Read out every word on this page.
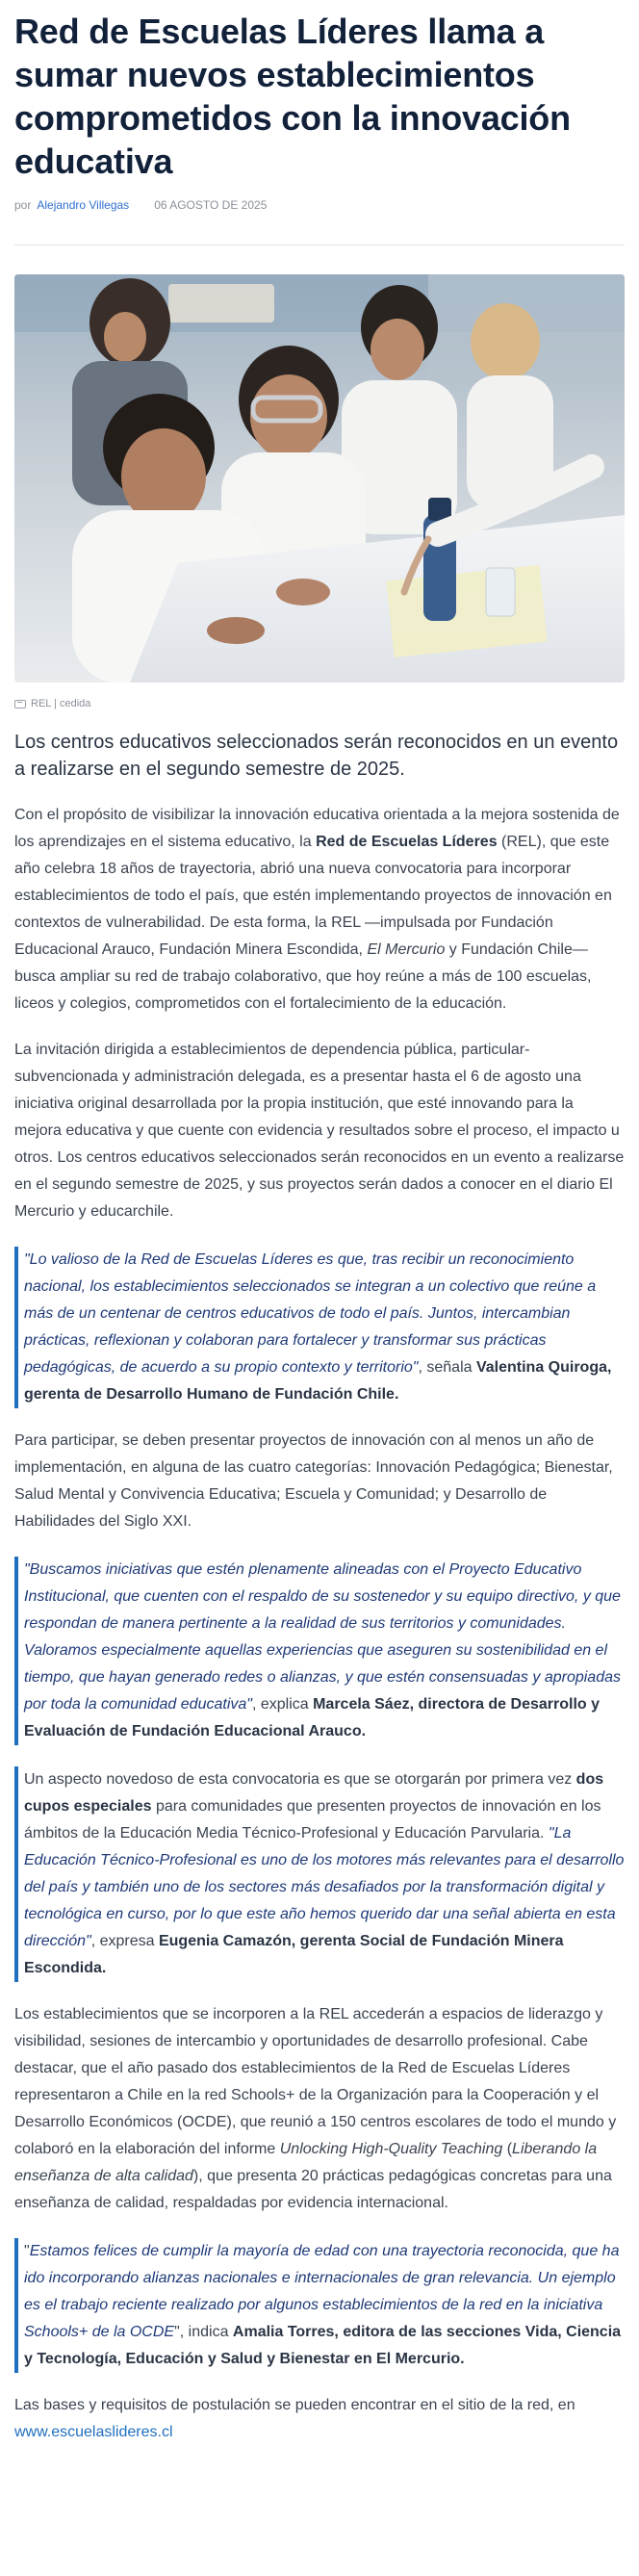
Red de Escuelas Líderes llama a sumar nuevos establecimientos comprometidos con la innovación educativa
por Alejandro Villegas 06 AGOSTO DE 2025
REL | cedida

Los centros educativos seleccionados serán reconocidos en un evento a realizarse en el segundo semestre de 2025.

Con el propósito de visibilizar la innovación educativa orientada a la mejora sostenida de los aprendizajes en el sistema educativo, la Red de Escuelas Líderes (REL), que este año celebra 18 años de trayectoria, abrió una nueva convocatoria para incorporar establecimientos de todo el país, que estén implementando proyectos de innovación en contextos de vulnerabilidad. De esta forma, la REL —impulsada por Fundación Educacional Arauco, Fundación Minera Escondida, El Mercurio y Fundación Chile— busca ampliar su red de trabajo colaborativo, que hoy reúne a más de 100 escuelas, liceos y colegios, comprometidos con el fortalecimiento de la educación.

La invitación dirigida a establecimientos de dependencia pública, particular-subvencionada y administración delegada, es a presentar hasta el 6 de agosto una iniciativa original desarrollada por la propia institución, que esté innovando para la mejora educativa y que cuente con evidencia y resultados sobre el proceso, el impacto u otros. Los centros educativos seleccionados serán reconocidos en un evento a realizarse en el segundo semestre de 2025, y sus proyectos serán dados a conocer en el diario El Mercurio y educarchile.

"Lo valioso de la Red de Escuelas Líderes es que, tras recibir un reconocimiento nacional, los establecimientos seleccionados se integran a un colectivo que reúne a más de un centenar de centros educativos de todo el país. Juntos, intercambian prácticas, reflexionan y colaboran para fortalecer y transformar sus prácticas pedagógicas, de acuerdo a su propio contexto y territorio", señala Valentina Quiroga, gerenta de Desarrollo Humano de Fundación Chile.

Para participar, se deben presentar proyectos de innovación con al menos un año de implementación, en alguna de las cuatro categorías: Innovación Pedagógica; Bienestar, Salud Mental y Convivencia Educativa; Escuela y Comunidad; y Desarrollo de Habilidades del Siglo XXI.

"Buscamos iniciativas que estén plenamente alineadas con el Proyecto Educativo Institucional, que cuenten con el respaldo de su sostenedor y su equipo directivo, y que respondan de manera pertinente a la realidad de sus territorios y comunidades. Valoramos especialmente aquellas experiencias que aseguren su sostenibilidad en el tiempo, que hayan generado redes o alianzas, y que estén consensuadas y apropiadas por toda la comunidad educativa", explica Marcela Sáez, directora de Desarrollo y Evaluación de Fundación Educacional Arauco.
Un aspecto novedoso de esta convocatoria es que se otorgarán por primera vez dos cupos especiales para comunidades que presenten proyectos de innovación en los ámbitos de la Educación Media Técnico-Profesional y Educación Parvularia. "La Educación Técnico-Profesional es uno de los motores más relevantes para el desarrollo del país y también uno de los sectores más desafiados por la transformación digital y tecnológica en curso, por lo que este año hemos querido dar una señal abierta en esta dirección", expresa Eugenia Camazón, gerenta Social de Fundación Minera Escondida.

Los establecimientos que se incorporen a la REL accederán a espacios de liderazgo y visibilidad, sesiones de intercambio y oportunidades de desarrollo profesional. Cabe destacar, que el año pasado dos establecimientos de la Red de Escuelas Líderes representaron a Chile en la red Schools+ de la Organización para la Cooperación y el Desarrollo Económicos (OCDE), que reunió a 150 centros escolares de todo el mundo y colaboró en la elaboración del informe Unlocking High-Quality Teaching (Liberando la enseñanza de alta calidad), que presenta 20 prácticas pedagógicas concretas para una enseñanza de calidad, respaldadas por evidencia internacional.

"Estamos felices de cumplir la mayoría de edad con una trayectoria reconocida, que ha ido incorporando alianzas nacionales e internacionales de gran relevancia. Un ejemplo es el trabajo reciente realizado por algunos establecimientos de la red en la iniciativa Schools+ de la OCDE", indica Amalia Torres, editora de las secciones Vida, Ciencia y Tecnología, Educación y Salud y Bienestar en El Mercurio.

Las bases y requisitos de postulación se pueden encontrar en el sitio de la red, en www.escuelaslideres.cl
